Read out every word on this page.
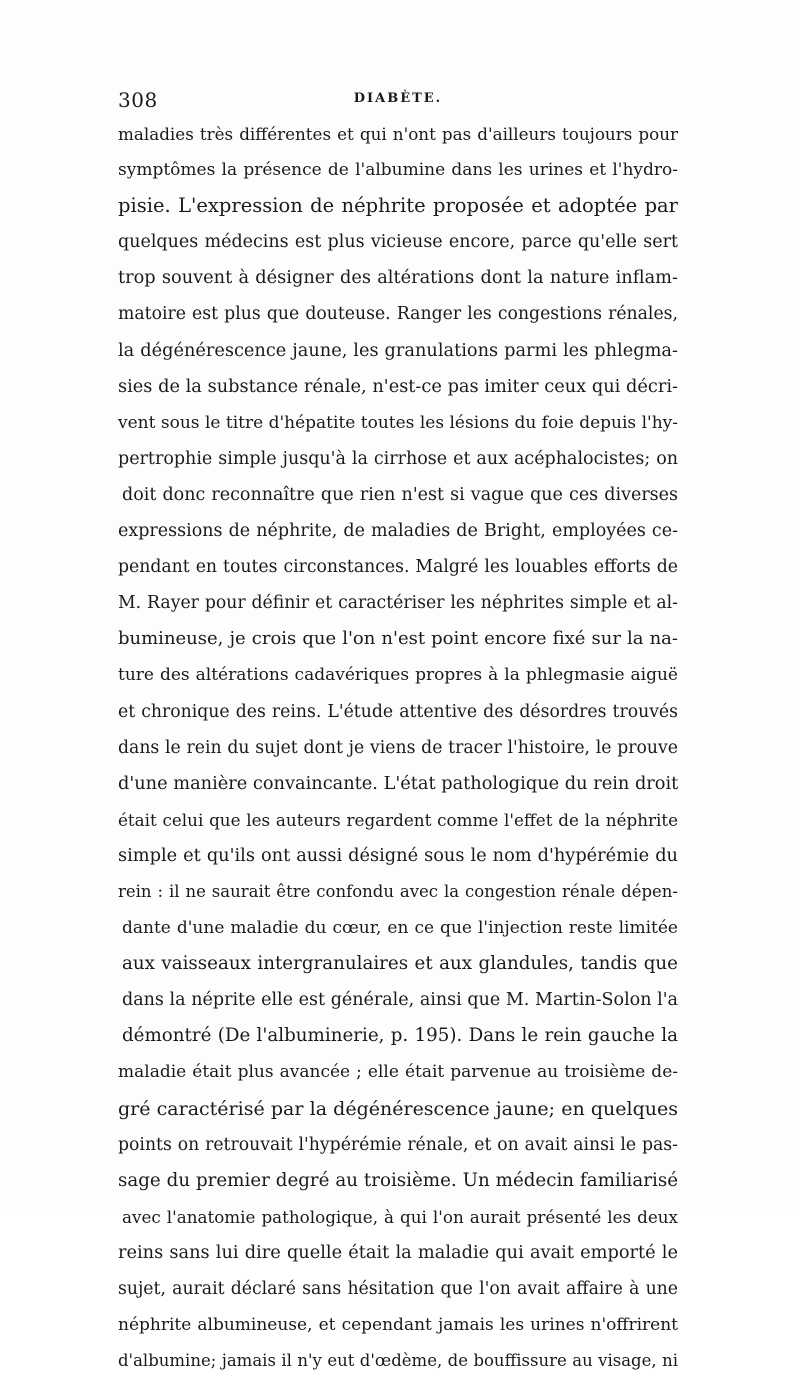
308	DIABÈTE.
maladies très différentes et qui n'ont pas d'ailleurs toujours pour
symptômes la présence de l'albumine dans les urines et l'hydro-
pisie. L'expression de néphrite proposée et adoptée par
quelques médecins est plus vicieuse encore, parce qu'elle sert
trop souvent à désigner des altérations dont la nature inflam-
matoire est plus que douteuse. Ranger les congestions rénales,
la dégénérescence jaune, les granulations parmi les phlegma-
sies de la substance rénale, n'est-ce pas imiter ceux qui décri-
vent sous le titre d'hépatite toutes les lésions du foie depuis l'hy-
pertrophie simple jusqu'à la cirrhose et aux acéphalocistes; on
doit donc reconnaître que rien n'est si vague que ces diverses
expressions de néphrite, de maladies de Bright, employées ce-
pendant en toutes circonstances. Malgré les louables efforts de
M. Rayer pour définir et caractériser les néphrites simple et al-
bumineuse, je crois que l'on n'est point encore fixé sur la na-
ture des altérations cadavériques propres à la phlegmasie aiguë
et chronique des reins. L'étude attentive des désordres trouvés
dans le rein du sujet dont je viens de tracer l'histoire, le prouve
d'une manière convaincante. L'état pathologique du rein droit
était celui que les auteurs regardent comme l'effet de la néphrite
simple et qu'ils ont aussi désigné sous le nom d'hypérémie du
rein : il ne saurait être confondu avec la congestion rénale dépen-
dante d'une maladie du cœur, en ce que l'injection reste limitée
aux vaisseaux intergranulaires et aux glandules, tandis que
dans la néprite elle est générale, ainsi que M. Martin-Solon l'a
démontré (De l'albuminerie, p. 195). Dans le rein gauche la
maladie était plus avancée ; elle était parvenue au troisième de-
gré caractérisé par la dégénérescence jaune; en quelques
points on retrouvait l'hypérémie rénale, et on avait ainsi le pas-
sage du premier degré au troisième. Un médecin familiarisé
avec l'anatomie pathologique, à qui l'on aurait présenté les deux
reins sans lui dire quelle était la maladie qui avait emporté le
sujet, aurait déclaré sans hésitation que l'on avait affaire à une
néphrite albumineuse, et cependant jamais les urines n'offrirent
d'albumine; jamais il n'y eut d'œdème, de bouffissure au visage, ni
